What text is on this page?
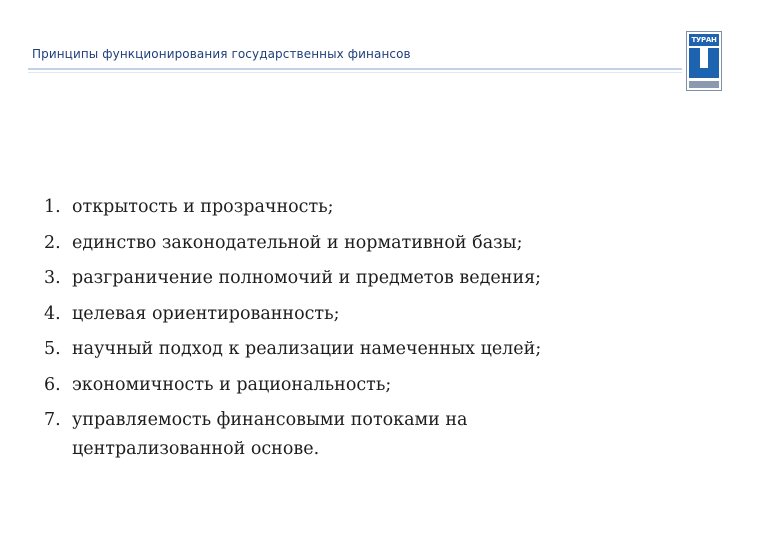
Принципы функционирования государственных финансов
ТУРАН
1. открытость и прозрачность;
2. единство законодательной и нормативной базы;
3. разграничение полномочий и предметов ведения;
4. целевая ориентированность;
5. научный подход к реализации намеченных целей;
6. экономичность и рациональность;
7. управляемость финансовыми потоками на централизованной основе.
